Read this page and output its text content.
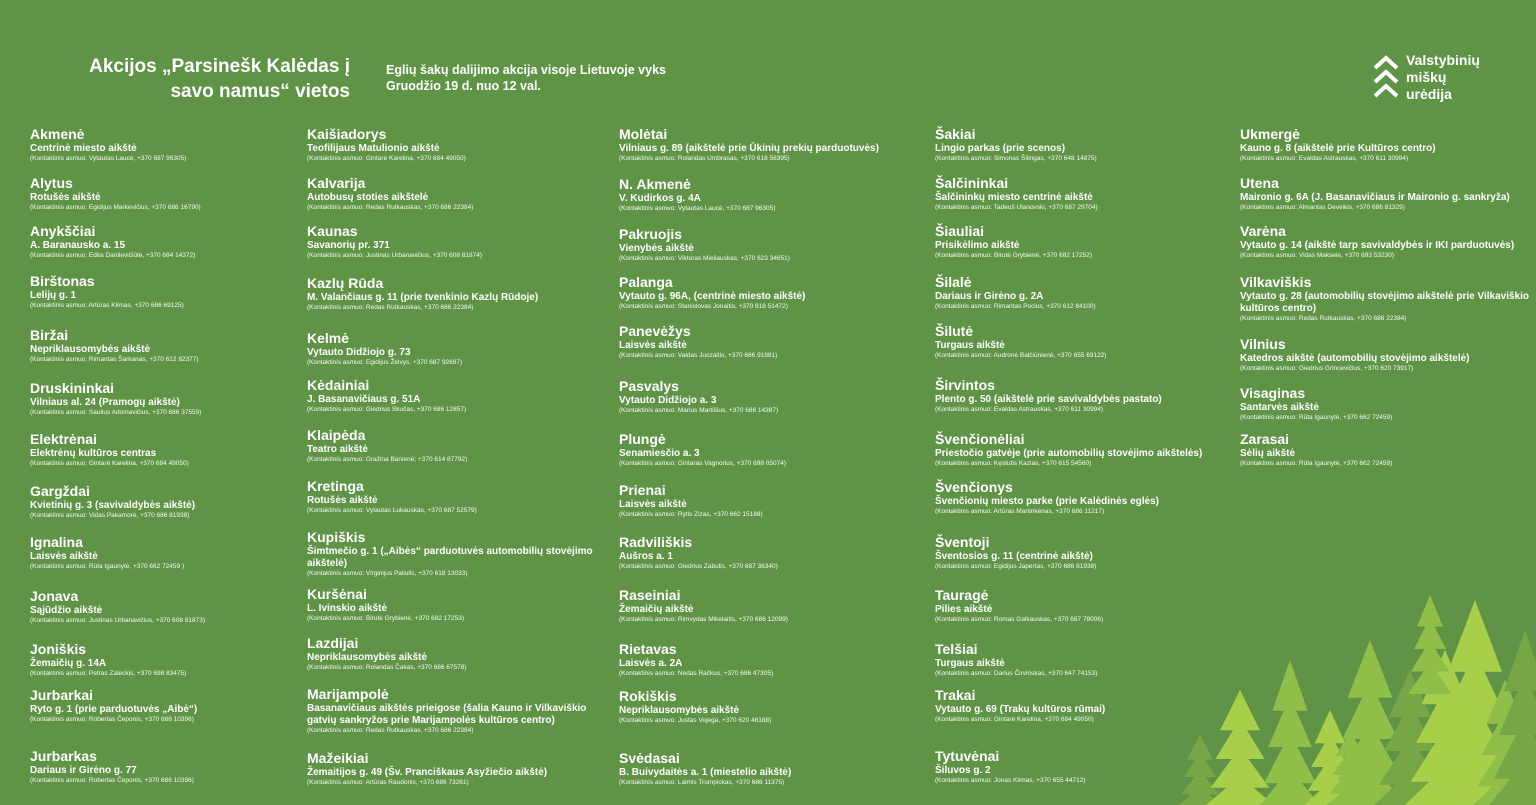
Akcijos „Parsinešk Kalėdas į
savo namus“ vietos
Eglių šakų dalijimo akcija visoje Lietuvoje vyks
Gruodžio 19 d. nuo 12 val.
Valstybinių
miškų
urėdija
Akmenė
Centrinė miesto aikštė
(Kontaktinis asmuo: Vytautas Laucė, +370 687 96305)
Alytus
Rotušės aikštė
(Kontaktinis asmuo: Egidijus Markevičius, +370 686 16790)
Anykščiai
A. Baranausko a. 15
(Kontaktinis asmuo: Edita Danilevičiūtė, +370 684 14372)
Birštonas
Lelijų g. 1
(Kontaktinis asmuo: Artūras Klimas, +370 686 69125)
Biržai
Nepriklausomybės aikštė
(Kontaktinis asmuo: Rimantas Šarkanas, +370 612 82377)
Druskininkai
Vilniaus al. 24 (Pramogų aikštė)
(Kontaktinis asmuo: Saulius Adomavičius, +370 686 37559)
Elektrėnai
Elektrėnų kultūros centras
(Kontaktinis asmuo: Gintarė Karelina, +370 684 49050)
Gargždai
Kvietinių g. 3 (savivaldybės aikštė)
(Kontaktinis asmuo: Vidas Pakamorė, +370 686 81938)
Ignalina
Laisvės aikštė
(Kontaktinis asmuo: Rūta Igaunytė, +370 662 72459 )
Jonava
Sąjūdžio aikštė
(Kontaktinis asmuo: Justinas Urbanavičius, +370 608 81873)
Joniškis
Žemaičių g. 14A
(Kontaktinis asmuo: Petras Zaleckis, +370 698 83475)
Jurbarkai
Ryto g. 1 (prie parduotuvės „Aibė“)
(Kontaktinis asmuo: Robertas Čeponis, +370 686 10396)
Jurbarkas
Dariaus ir Girėno g. 77
(Kontaktinis asmuo: Robertas Čeponis, +370 686 10396)
Kaišiadorys
Teofilijaus Matulionio aikštė
(Kontaktinis asmuo: Gintarė Karelina, +370 684 49050)
Kalvarija
Autobusų stoties aikštelė
(Kontaktinis asmuo: Redas Rutkauskas, +370 686 22384)
Kaunas
Savanorių pr. 371
(Kontaktinis asmuo: Justinas Urbanavičius, +370 608 81874)
Kazlų Rūda
M. Valančiaus g. 11 (prie tvenkinio Kazlų Rūdoje)
(Kontaktinis asmuo: Redas Rutkauskas, +370 686 22384)
Kelmė
Vytauto Didžiojo g. 73
(Kontaktinis asmuo: Egidijus Želvys, +370 687 92697)
Kėdainiai
J. Basanavičiaus g. 51A
(Kontaktinis asmuo: Giedrius Skučas, +370 686 12857)
Klaipėda
Teatro aikštė
(Kontaktinis asmuo: Gražina Banienė; +370 614 87792)
Kretinga
Rotušės aikštė
(Kontaktinis asmuo: Vytautas Lukauskas, +370 687 52579)
Kupiškis
Šimtmečio g. 1 („Aibės“ parduotuvės automobilių stovėjimo aikštelė)
(Kontaktinis asmuo: Virginijus Paliulis, +370 618 13033)
Kuršėnai
L. Ivinskio aikštė
(Kontaktinis asmuo: Birutė Grybienė, +370 682 17253)
Lazdijai
Nepriklausomybės aikštė
(Kontaktinis asmuo: Rolandas Čakas, +370 686 67578)
Marijampolė
Basanavičiaus aikštės prieigose (šalia Kauno ir Vilkaviškio gatvių sankryžos prie Marijampolės kultūros centro)
(Kontaktinis asmuo: Redas Rutkauskas, +370 686 22384)
Mažeikiai
Žemaitijos g. 49 (Šv. Pranciškaus Asyžiečio aikštė)
(Kontaktinis asmuo: Artūras Raudonis, +370 686 73261)
Molėtai
Vilniaus g. 89 (aikštelė prie Ūkinių prekių parduotuvės)
(Kontaktinis asmuo: Rolandas Umbrasas, +370 618 58395)
N. Akmenė
V. Kudirkos g. 4A
(Kontaktinis asmuo: Vytautas Laucė, +370 687 96305)
Pakruojis
Vienybės aikštė
(Kontaktinis asmuo: Viktoras Mieliauskas, +370 623 34651)
Palanga
Vytauto g. 96A, (centrinė miesto aikštė)
(Kontaktinis asmuo: Stanislovas Jonaitis, +370 618 51472)
Panevėžys
Laisvės aikštė
(Kontaktinis asmuo: Valdas Juozaitis, +370 686 91881)
Pasvalys
Vytauto Didžiojo a. 3
(Kontaktinis asmuo: Marius Martišius, +370 686 14387)
Plungė
Senamiesčio a. 3
(Kontaktinis asmuo: Gintaras Vagnorius, +370 698 05074)
Prienai
Laisvės aikštė
(Kontaktinis asmuo: Rytis Zizas, +370 662 15188)
Radviliškis
Aušros a. 1
(Kontaktinis asmuo: Giedrius Zabulis, +370 687 36340)
Raseiniai
Žemaičių aikštė
(Kontaktinis asmuo: Rimvydas Mikelaitis, +370 686 12099)
Rietavas
Laisvės a. 2A
(Kontaktinis asmuo: Nedas Račkus, +370 686 47305)
Rokiškis
Nepriklausomybės aikštė
(Kontaktinis asmuo: Justas Vojega, +370 620 46188)
Svėdasai
B. Buivydaitės a. 1 (miestelio aikštė)
(Kontaktinis asmuo: Laimis Trumpickas, +370 686 11375)
Šakiai
Lingio parkas (prie scenos)
(Kontaktinis asmuo: Simonas Šilingas, +370 648 14875)
Šalčininkai
Šalčininkų miesto centrinė aikštė
(Kontaktinis asmuo: Tadeuš Ulanovski, +370 687 29704)
Šiauliai
Prisikėlimo aikštė
(Kontaktinis asmuo: Birutė Grybienė, +370 682 17252)
Šilalė
Dariaus ir Girėno g. 2A
(Kontaktinis asmuo: Rimantas Pocius, +370 612 84100)
Šilutė
Turgaus aikštė
(Kontaktinis asmuo: Audronė Balčiūnienė, +370 655 69122)
Širvintos
Plento g. 50 (aikštelė prie savivaldybės pastato)
(Kontaktinis asmuo: Evaldas Astrauskas, +370 611 30994)
Švenčionėliai
Priestočio gatvėje (prie automobilių stovėjimo aikštelės)
(Kontaktinis asmuo: Kęstutis Kazlas, +370 615 54560)
Švenčionys
Švenčionių miesto parke (prie Kalėdinės eglės)
(Kontaktinis asmuo: Artūras Martinkėnas, +370 686 11217)
Šventoji
Šventosios g. 11 (centrinė aikštė)
(Kontaktinis asmuo: Egidijus Japertas, +370 686 81938)
Tauragė
Pilies aikštė
(Kontaktinis asmuo: Romas Galkauskas, +370 687 78006)
Telšiai
Turgaus aikštė
(Kontaktinis asmuo: Darius Čirvinskas, +370 647 74153)
Trakai
Vytauto g. 69 (Trakų kultūros rūmai)
(Kontaktinis asmuo: Gintarė Karelina, +370 684 49050)
Tytuvėnai
Šiluvos g. 2
(Kontaktinis asmuo: Jonas Klimas, +370 655 44712)
Ukmergė
Kauno g. 8 (aikštelė prie Kultūros centro)
(Kontaktinis asmuo: Evaldas Astrauskas, +370 611 30994)
Utena
Maironio g. 6A (J. Basanavičiaus ir Maironio g. sankryža)
(Kontaktinis asmuo: Almantas Deveikis, +370 686 81329)
Varėna
Vytauto g. 14 (aikštė tarp savivaldybės ir IKI parduotuvės)
(Kontaktinis asmuo: Vidas Makselė, +370 693 53230)
Vilkaviškis
Vytauto g. 28 (automobilių stovėjimo aikštelė prie Vilkaviškio kultūros centro)
(Kontaktinis asmuo: Redas Rutkauskas, +370 686 22384)
Vilnius
Katedros aikštė (automobilių stovėjimo aikštelė)
(Kontaktinis asmuo: Giedrius Grincevičius, +370 620 73917)
Visaginas
Santarvės aikštė
(Kontaktinis asmuo: Rūta Igaunytė, +370 662 72459)
Zarasai
Sėlių aikštė
(Kontaktinis asmuo: Rūta Igaunytė, +370 662 72459)
